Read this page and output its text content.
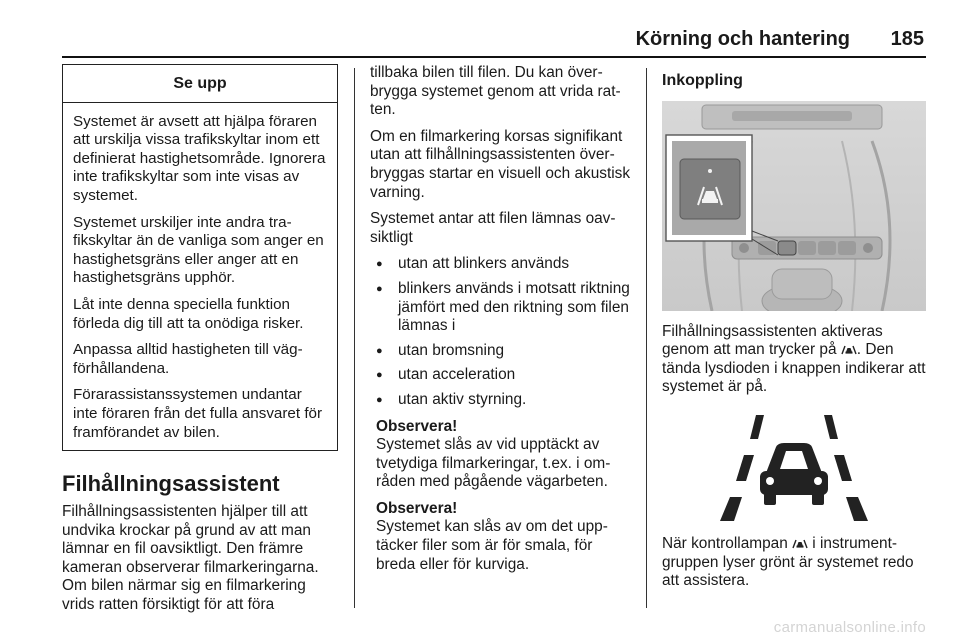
Körning och hantering 185
Se upp

Systemet är avsett att hjälpa föraren att urskilja vissa trafikskyltar inom ett definierat hastighetsområde. Ignorera inte trafikskyltar som inte visas av systemet.

Systemet urskiljer inte andra trafikskyltar än de vanliga som anger en hastighetsgräns eller anger att en hastighetsgräns upphör.

Låt inte denna speciella funktion förleda dig till att ta onödiga risker.

Anpassa alltid hastigheten till vägförhållandena.

Förarassistanssystemen undantar inte föraren från det fulla ansvaret för framförandet av bilen.

Filhållningsassistent

Filhållningsassistenten hjälper till att undvika krockar på grund av att man lämnar en fil oavsiktligt. Den främre kameran observerar filmarkeringarna. Om bilen närmar sig en filmarkering vrids ratten försiktigt för att föra

tillbaka bilen till filen. Du kan överbrygga systemet genom att vrida ratten.

Om en filmarkering korsas signifikant utan att filhållningsassistenten överbryggas startar en visuell och akustisk varning.

Systemet antar att filen lämnas oavsiktligt

● utan att blinkers används
● blinkers används i motsatt riktning jämfört med den riktning som filen lämnas i
● utan bromsning
● utan acceleration
● utan aktiv styrning.
Observera!
Systemet slås av vid upptäckt av tvetydiga filmarkeringar, t.ex. i områden med pågående vägarbeten.
Observera!
Systemet kan slås av om det upptäcker filer som är för smala, för breda eller för kurviga.
Inkoppling

Filhållningsassistenten aktiveras genom att man trycker på . Den tända lysdioden i knappen indikerar att systemet är på.

När kontrollampan  i instrumentgruppen lyser grönt är systemet redo att assistera.

carmanualsonline.info
